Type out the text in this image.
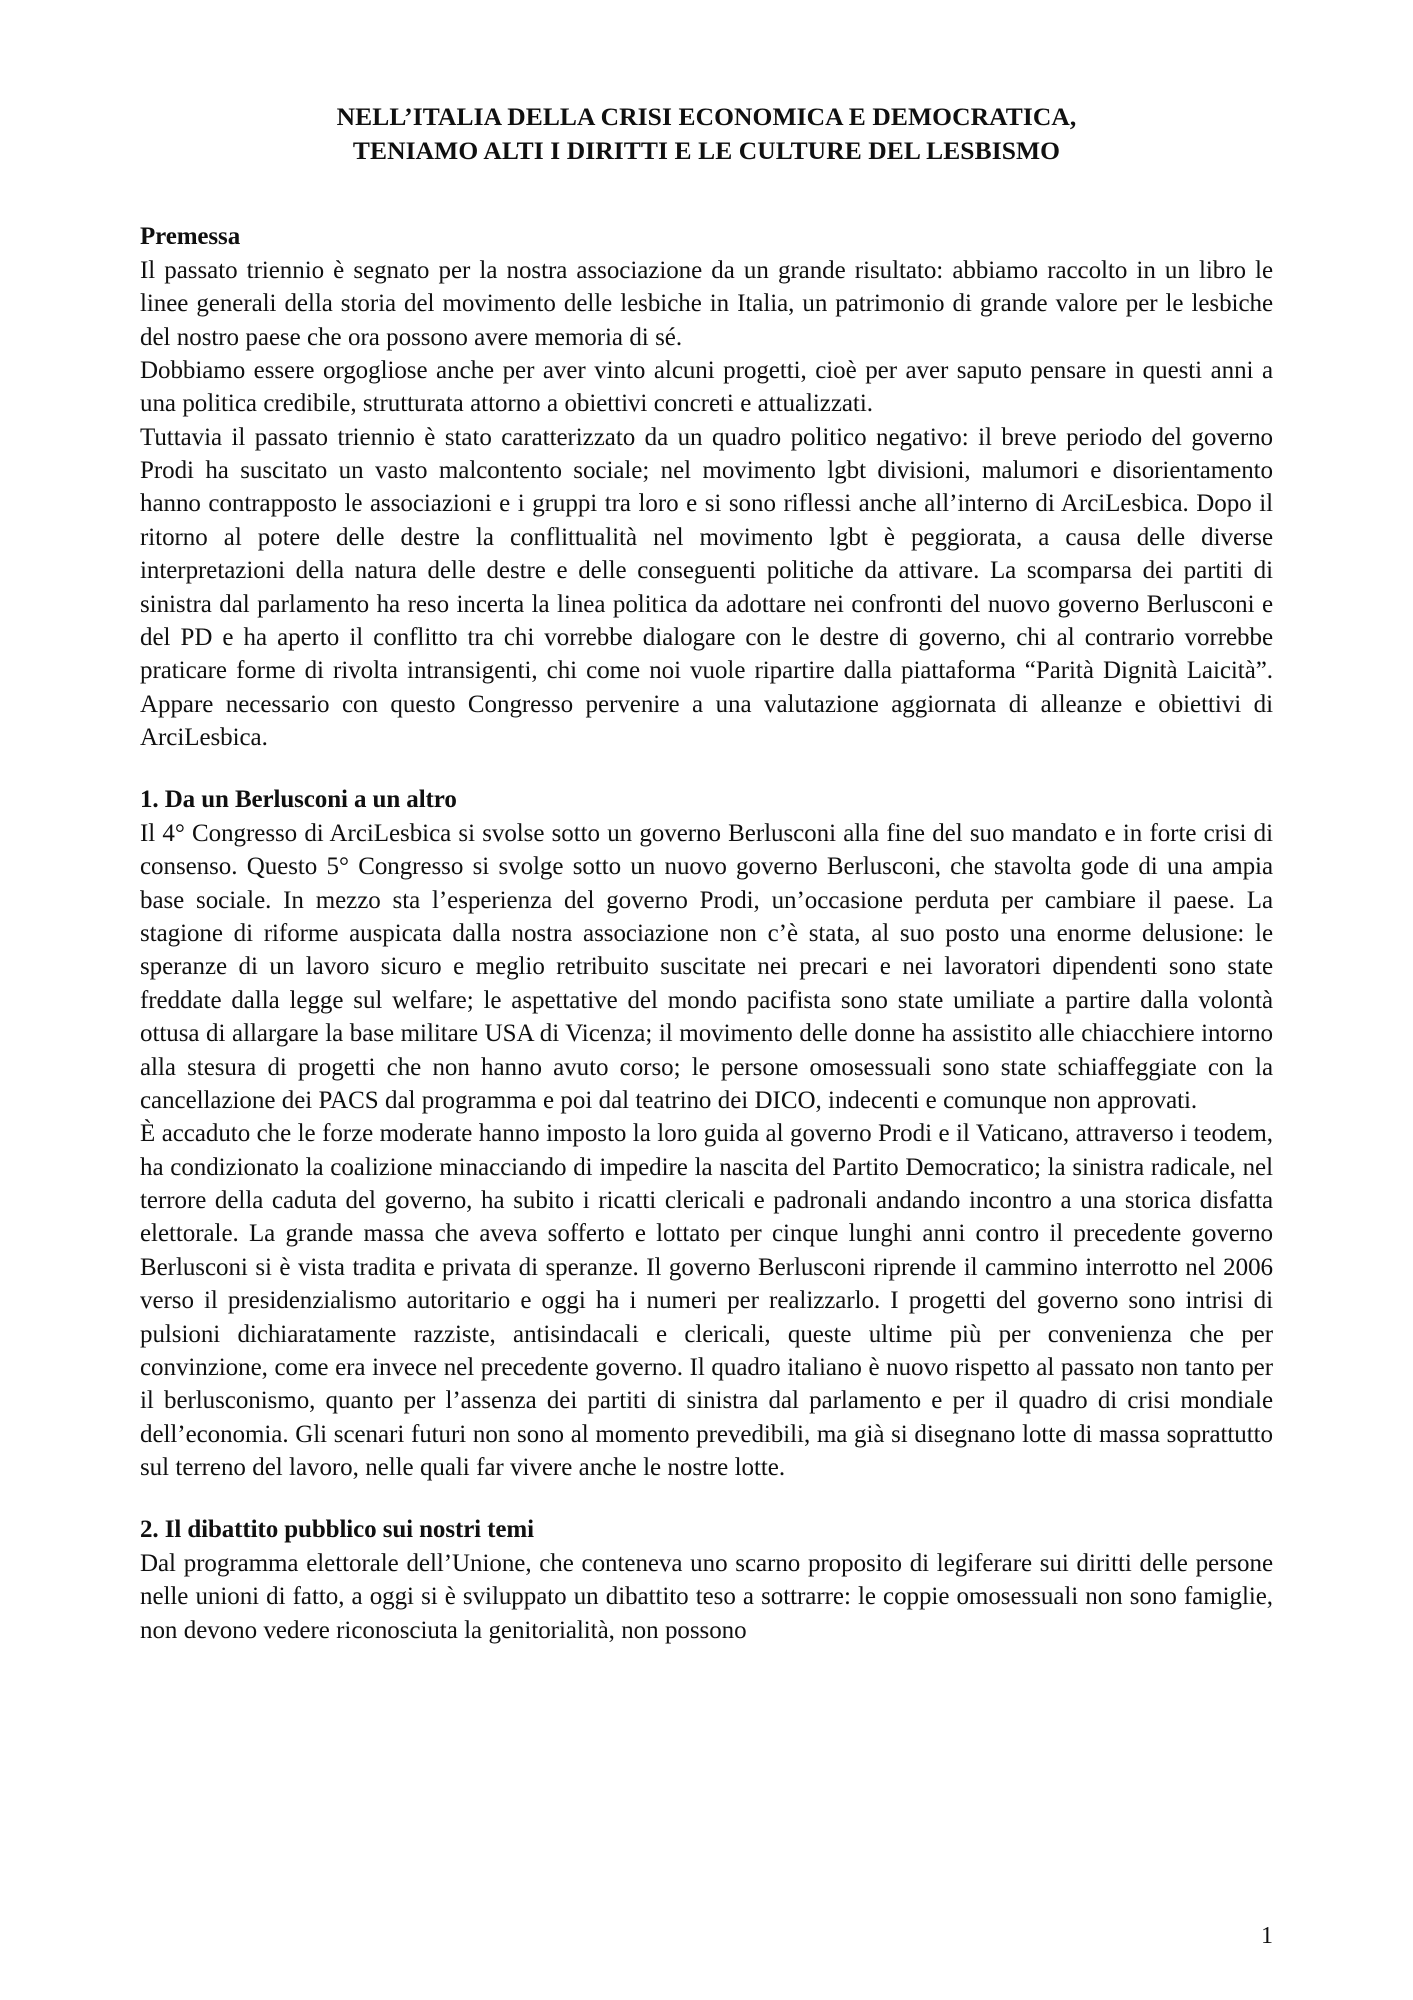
NELL’ITALIA DELLA CRISI ECONOMICA E DEMOCRATICA,
TENIAMO ALTI I DIRITTI E LE CULTURE DEL LESBISMO
Premessa

Il passato triennio è segnato per la nostra associazione da un grande risultato: abbiamo raccolto in un libro le linee generali della storia del movimento delle lesbiche in Italia, un patrimonio di grande valore per le lesbiche del nostro paese che ora possono avere memoria di sé.

Dobbiamo essere orgogliose anche per aver vinto alcuni progetti, cioè per aver saputo pensare in questi anni a una politica credibile, strutturata attorno a obiettivi concreti e attualizzati.

Tuttavia il passato triennio è stato caratterizzato da un quadro politico negativo: il breve periodo del governo Prodi ha suscitato un vasto malcontento sociale; nel movimento lgbt divisioni, malumori e disorientamento hanno contrapposto le associazioni e i gruppi tra loro e si sono riflessi anche all’interno di ArciLesbica. Dopo il ritorno al potere delle destre la conflittualità nel movimento lgbt è peggiorata, a causa delle diverse interpretazioni della natura delle destre e delle conseguenti politiche da attivare. La scomparsa dei partiti di sinistra dal parlamento ha reso incerta la linea politica da adottare nei confronti del nuovo governo Berlusconi e del PD e ha aperto il conflitto tra chi vorrebbe dialogare con le destre di governo, chi al contrario vorrebbe praticare forme di rivolta intransigenti, chi come noi vuole ripartire dalla piattaforma “Parità Dignità Laicità”. Appare necessario con questo Congresso pervenire a una valutazione aggiornata di alleanze e obiettivi di ArciLesbica.

1. Da un Berlusconi a un altro

Il 4° Congresso di ArciLesbica si svolse sotto un governo Berlusconi alla fine del suo mandato e in forte crisi di consenso. Questo 5° Congresso si svolge sotto un nuovo governo Berlusconi, che stavolta gode di una ampia base sociale. In mezzo sta l’esperienza del governo Prodi, un’occasione perduta per cambiare il paese. La stagione di riforme auspicata dalla nostra associazione non c’è stata, al suo posto una enorme delusione: le speranze di un lavoro sicuro e meglio retribuito suscitate nei precari e nei lavoratori dipendenti sono state freddate dalla legge sul welfare; le aspettative del mondo pacifista sono state umiliate a partire dalla volontà ottusa di allargare la base militare USA di Vicenza; il movimento delle donne ha assistito alle chiacchiere intorno alla stesura di progetti che non hanno avuto corso; le persone omosessuali sono state schiaffeggiate con la cancellazione dei PACS dal programma e poi dal teatrino dei DICO, indecenti e comunque non approvati.

È accaduto che le forze moderate hanno imposto la loro guida al governo Prodi e il Vaticano, attraverso i teodem, ha condizionato la coalizione minacciando di impedire la nascita del Partito Democratico; la sinistra radicale, nel terrore della caduta del governo, ha subito i ricatti clericali e padronali andando incontro a una storica disfatta elettorale. La grande massa che aveva sofferto e lottato per cinque lunghi anni contro il precedente governo Berlusconi si è vista tradita e privata di speranze. Il governo Berlusconi riprende il cammino interrotto nel 2006 verso il presidenzialismo autoritario e oggi ha i numeri per realizzarlo. I progetti del governo sono intrisi di pulsioni dichiaratamente razziste, antisindacali e clericali, queste ultime più per convenienza che per convinzione, come era invece nel precedente governo. Il quadro italiano è nuovo rispetto al passato non tanto per il berlusconismo, quanto per l’assenza dei partiti di sinistra dal parlamento e per il quadro di crisi mondiale dell’economia. Gli scenari futuri non sono al momento prevedibili, ma già si disegnano lotte di massa soprattutto sul terreno del lavoro, nelle quali far vivere anche le nostre lotte.

2. Il dibattito pubblico sui nostri temi

Dal programma elettorale dell’Unione, che conteneva uno scarno proposito di legiferare sui diritti delle persone nelle unioni di fatto, a oggi si è sviluppato un dibattito teso a sottrarre: le coppie omosessuali non sono famiglie, non devono vedere riconosciuta la genitorialità, non possono

1
